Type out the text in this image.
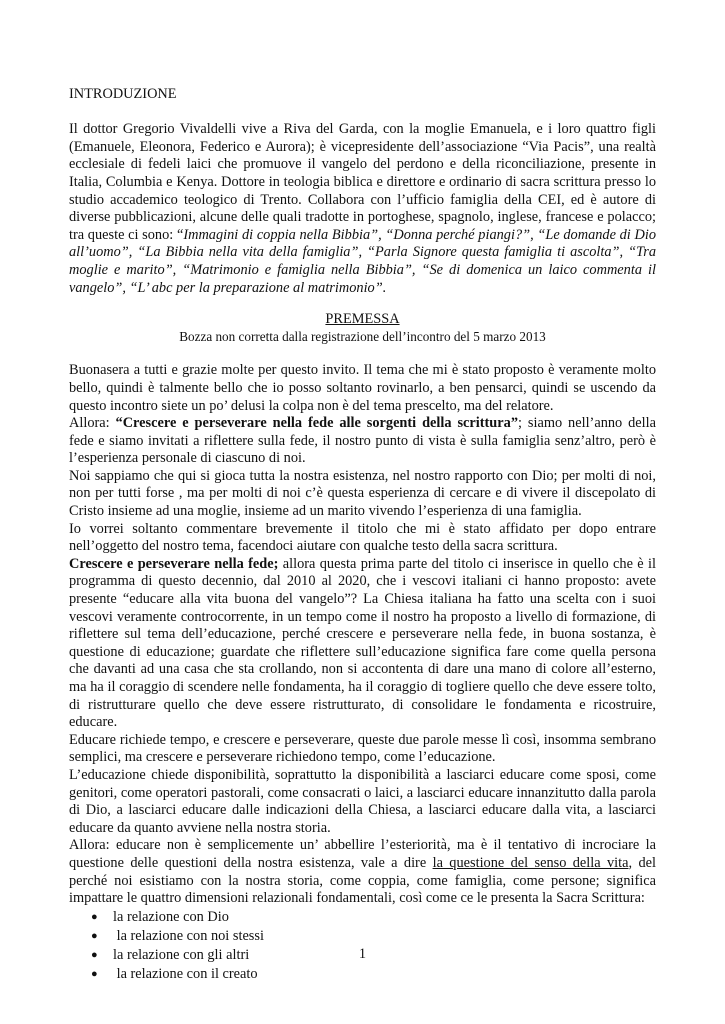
INTRODUZIONE

Il dottor Gregorio Vivaldelli vive a Riva del Garda, con la moglie Emanuela, e i loro quattro figli (Emanuele, Eleonora, Federico e Aurora); è vicepresidente dell’associazione “Via Pacis”, una realtà ecclesiale di fedeli laici che promuove il vangelo del perdono e della riconciliazione, presente in Italia, Columbia e Kenya. Dottore in teologia biblica e direttore e ordinario di sacra scrittura presso lo studio accademico teologico di Trento. Collabora con l’ufficio famiglia della CEI, ed è autore di diverse pubblicazioni, alcune delle quali tradotte in portoghese, spagnolo, inglese, francese e polacco; tra queste ci sono: “Immagini di coppia nella Bibbia”, “Donna perché piangi?”, “Le domande di Dio all’uomo”, “La Bibbia nella vita della famiglia”, “Parla Signore questa famiglia ti ascolta”, “Tra moglie e marito”, “Matrimonio e famiglia nella Bibbia”, “Se di domenica un laico commenta il vangelo”, “L’ abc per la preparazione al matrimonio”.

PREMESSA
Bozza non corretta dalla registrazione dell’incontro del 5 marzo 2013

Buonasera a tutti e grazie molte per questo invito. Il tema che mi è stato proposto è veramente molto bello, quindi è talmente bello che io posso soltanto rovinarlo, a ben pensarci, quindi se uscendo da questo incontro siete un po’ delusi la colpa non è del tema prescelto, ma del relatore.

Allora: “Crescere e perseverare nella fede alle sorgenti della scrittura”; siamo nell’anno della fede e siamo invitati a riflettere sulla fede, il nostro punto di vista è sulla famiglia senz’altro, però è l’esperienza personale di ciascuno di noi.

Noi sappiamo che qui si gioca tutta la nostra esistenza, nel nostro rapporto con Dio; per molti di noi, non per tutti forse , ma per molti di noi c’è questa esperienza di cercare e di vivere il discepolato di Cristo insieme ad una moglie, insieme ad un marito vivendo l’esperienza di una famiglia.

Io vorrei soltanto commentare brevemente il titolo che mi è stato affidato per dopo entrare nell’oggetto del nostro tema, facendoci aiutare con qualche testo della sacra scrittura.

Crescere e perseverare nella fede; allora questa prima parte del titolo ci inserisce in quello che è il programma di questo decennio, dal 2010 al 2020, che i vescovi italiani ci hanno proposto: avete presente “educare alla vita buona del vangelo”? La Chiesa italiana ha fatto una scelta con i suoi vescovi veramente controcorrente, in un tempo come il nostro ha proposto a livello di formazione, di riflettere sul tema dell’educazione, perché crescere e perseverare nella fede, in buona sostanza, è questione di educazione; guardate che riflettere sull’educazione significa fare come quella persona che davanti ad una casa che sta crollando, non si accontenta di dare una mano di colore all’esterno, ma ha il coraggio di scendere nelle fondamenta, ha il coraggio di togliere quello che deve essere tolto, di ristrutturare quello che deve essere ristrutturato, di consolidare le fondamenta e ricostruire, educare.

Educare richiede tempo, e crescere e perseverare, queste due parole messe lì così, insomma sembrano semplici, ma crescere e perseverare richiedono tempo, come l’educazione.

L’educazione chiede disponibilità, soprattutto la disponibilità a lasciarci educare come sposi, come genitori, come operatori pastorali, come consacrati o laici, a lasciarci educare innanzitutto dalla parola di Dio, a lasciarci educare dalle indicazioni della Chiesa, a lasciarci educare dalla vita, a lasciarci educare da quanto avviene nella nostra storia.

Allora: educare non è semplicemente un’ abbellire l’esteriorità, ma è il tentativo di incrociare la questione delle questioni della nostra esistenza, vale a dire la questione del senso della vita, del perché noi esistiamo con la nostra storia, come coppia, come famiglia, come persone; significa impattare le quattro dimensioni relazionali fondamentali, così come ce le presenta la Sacra Scrittura:

● la relazione con Dio
● la relazione con noi stessi
● la relazione con gli altri
● la relazione con il creato
1
